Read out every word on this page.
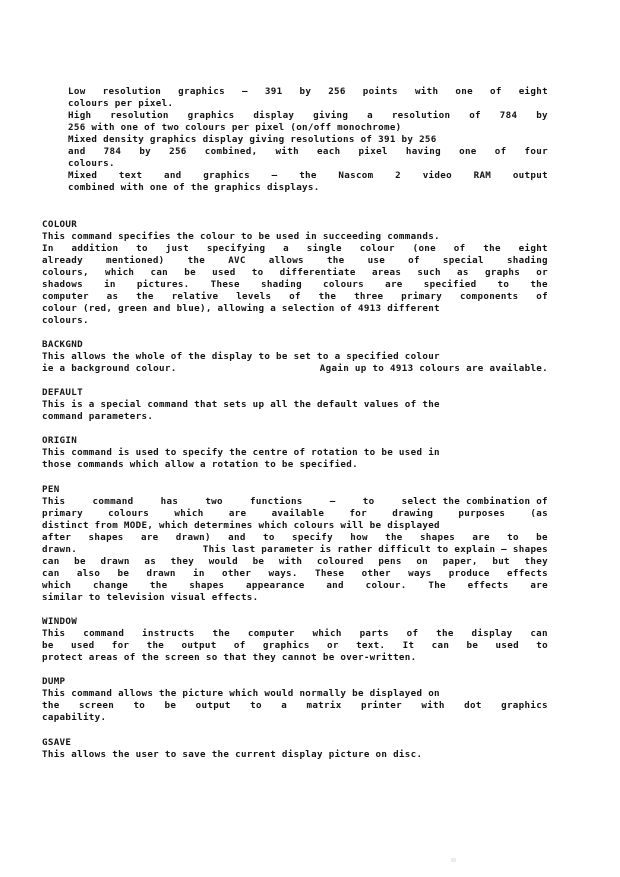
Low resolution graphics — 391 by 256 points with one of eight
colours per pixel.
High resolution graphics display giving a resolution of 784 by
256 with one of two colours per pixel (on/off monochrome)
Mixed density graphics display giving resolutions of 391 by 256
and 784 by 256 combined, with each pixel having one of four
colours.
Mixed text and graphics — the Nascom 2 video RAM output
combined with one of the graphics displays.
COLOUR
This command specifies the colour to be used in succeeding commands.
In addition to just specifying a single colour (one of the eight
already	mentioned)	the	AVC	allows	the	use	of	special	shading
colours, which can be used to differentiate areas such as graphs or
shadows in pictures. These shading colours are specified to the
computer as the relative levels of the three primary components of
colour (red, green and blue), allowing a selection of 4913 different
colours.
BACKGND
This allows the whole of the display to be set to a specified colour
ie a background colour.	Again up to 4913 colours are available.
DEFAULT
This is a special command that sets up all the default values of the
command parameters.
ORIGIN
This command is used to specify the centre of rotation to be used in
those commands which allow a rotation to be specified.
PEN
This	command	has	two	functions	—	to	select the combination of
primary	colours	which	are	available	for	drawing	purposes	(as
distinct from MODE, which determines which colours will be displayed
after shapes are drawn) and to specify how the shapes are to be
drawn.	This last parameter is rather difficult to explain — shapes
can be drawn as they would be with coloured pens on paper, but they
can also be drawn in other ways. These other ways produce effects
which change the shapes appearance and colour. The effects are
similar to television visual effects.
WINDOW
This command instructs the computer which parts of the display can
be used for the output of graphics or text. It can be used to
protect areas of the screen so that they cannot be over-written.
DUMP
This command allows the picture which would normally be displayed on
the screen to be output to a matrix printer with dot graphics
capability.
GSAVE
This allows the user to save the current display picture on disc.
